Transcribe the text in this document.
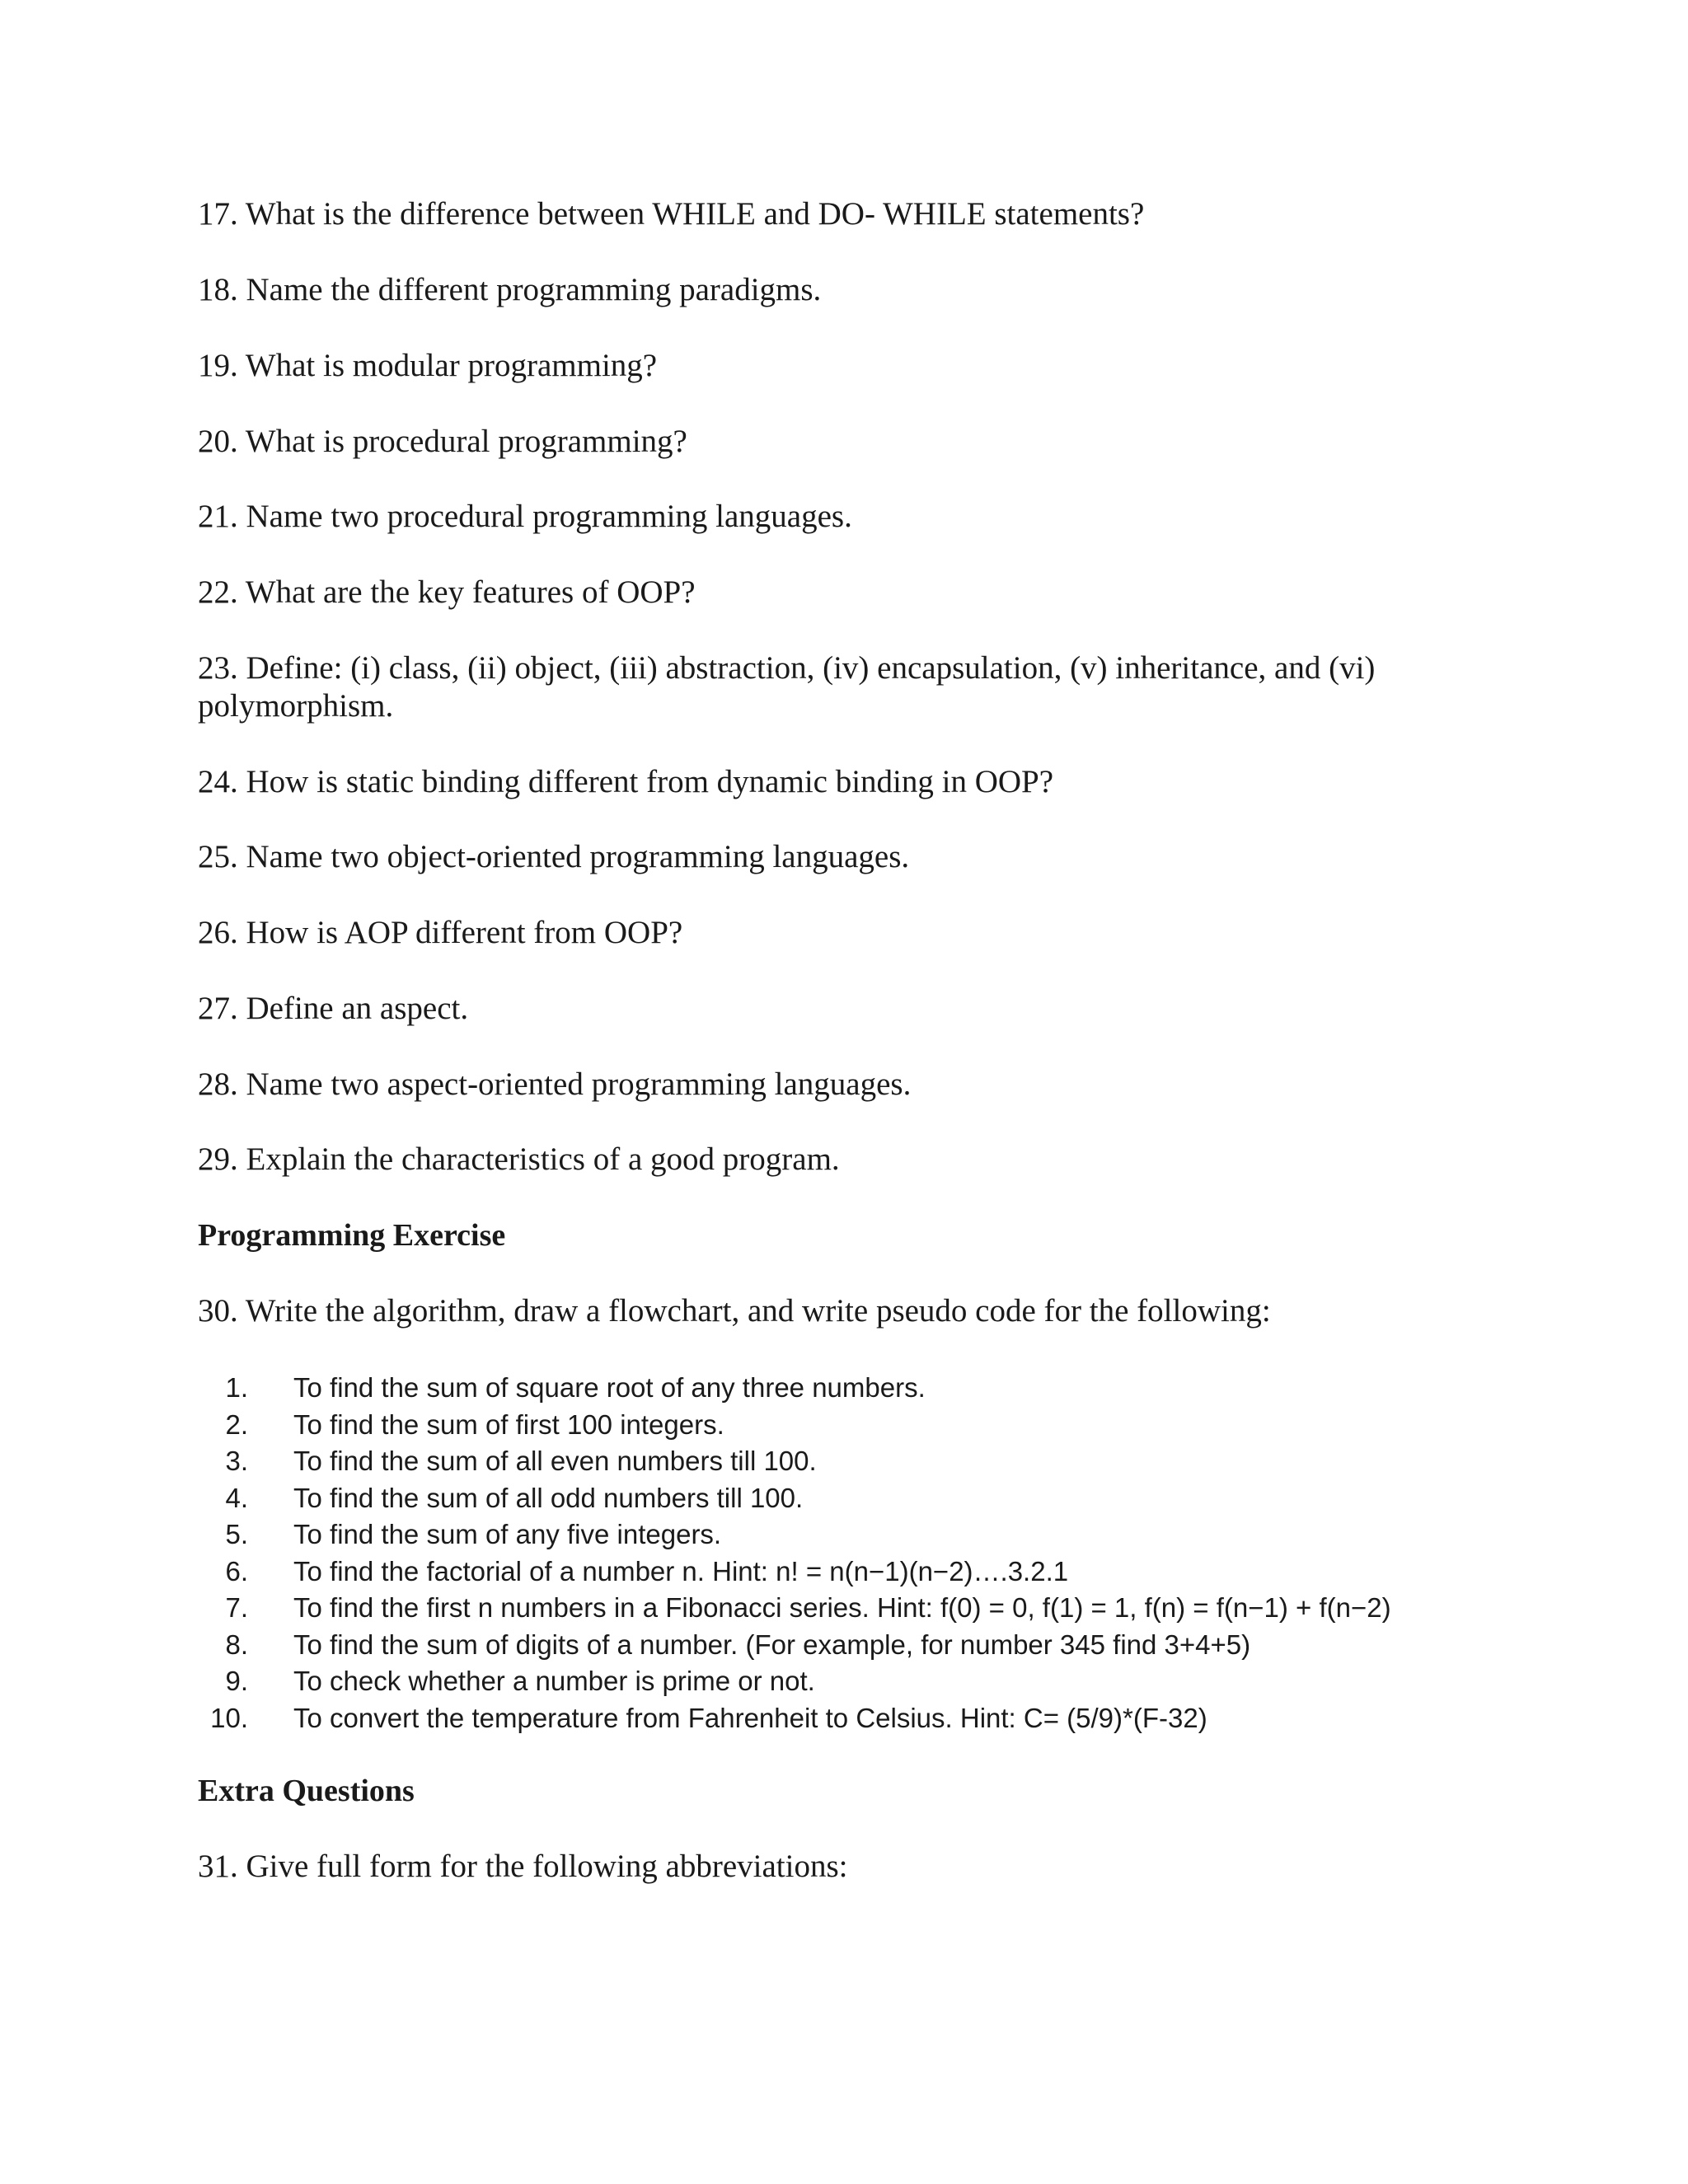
17. What is the difference between WHILE and DO- WHILE statements?

18. Name the different programming paradigms.

19. What is modular programming?

20. What is procedural programming?

21. Name two procedural programming languages.

22. What are the key features of OOP?

23. Define: (i) class, (ii) object, (iii) abstraction, (iv) encapsulation, (v) inheritance, and (vi) polymorphism.

24. How is static binding different from dynamic binding in OOP?

25. Name two object-oriented programming languages.

26. How is AOP different from OOP?

27. Define an aspect.

28. Name two aspect-oriented programming languages.

29. Explain the characteristics of a good program.

Programming Exercise

30. Write the algorithm, draw a flowchart, and write pseudo code for the following:

1. To find the sum of square root of any three numbers.
2. To find the sum of first 100 integers.
3. To find the sum of all even numbers till 100.
4. To find the sum of all odd numbers till 100.
5. To find the sum of any five integers.
6. To find the factorial of a number n. Hint: n! = n(n−1)(n−2)….3.2.1
7. To find the first n numbers in a Fibonacci series. Hint: f(0) = 0, f(1) = 1, f(n) = f(n−1) + f(n−2)
8. To find the sum of digits of a number. (For example, for number 345 find 3+4+5)
9. To check whether a number is prime or not.
10. To convert the temperature from Fahrenheit to Celsius. Hint: C= (5/9)*(F-32)
Extra Questions

31. Give full form for the following abbreviations:
